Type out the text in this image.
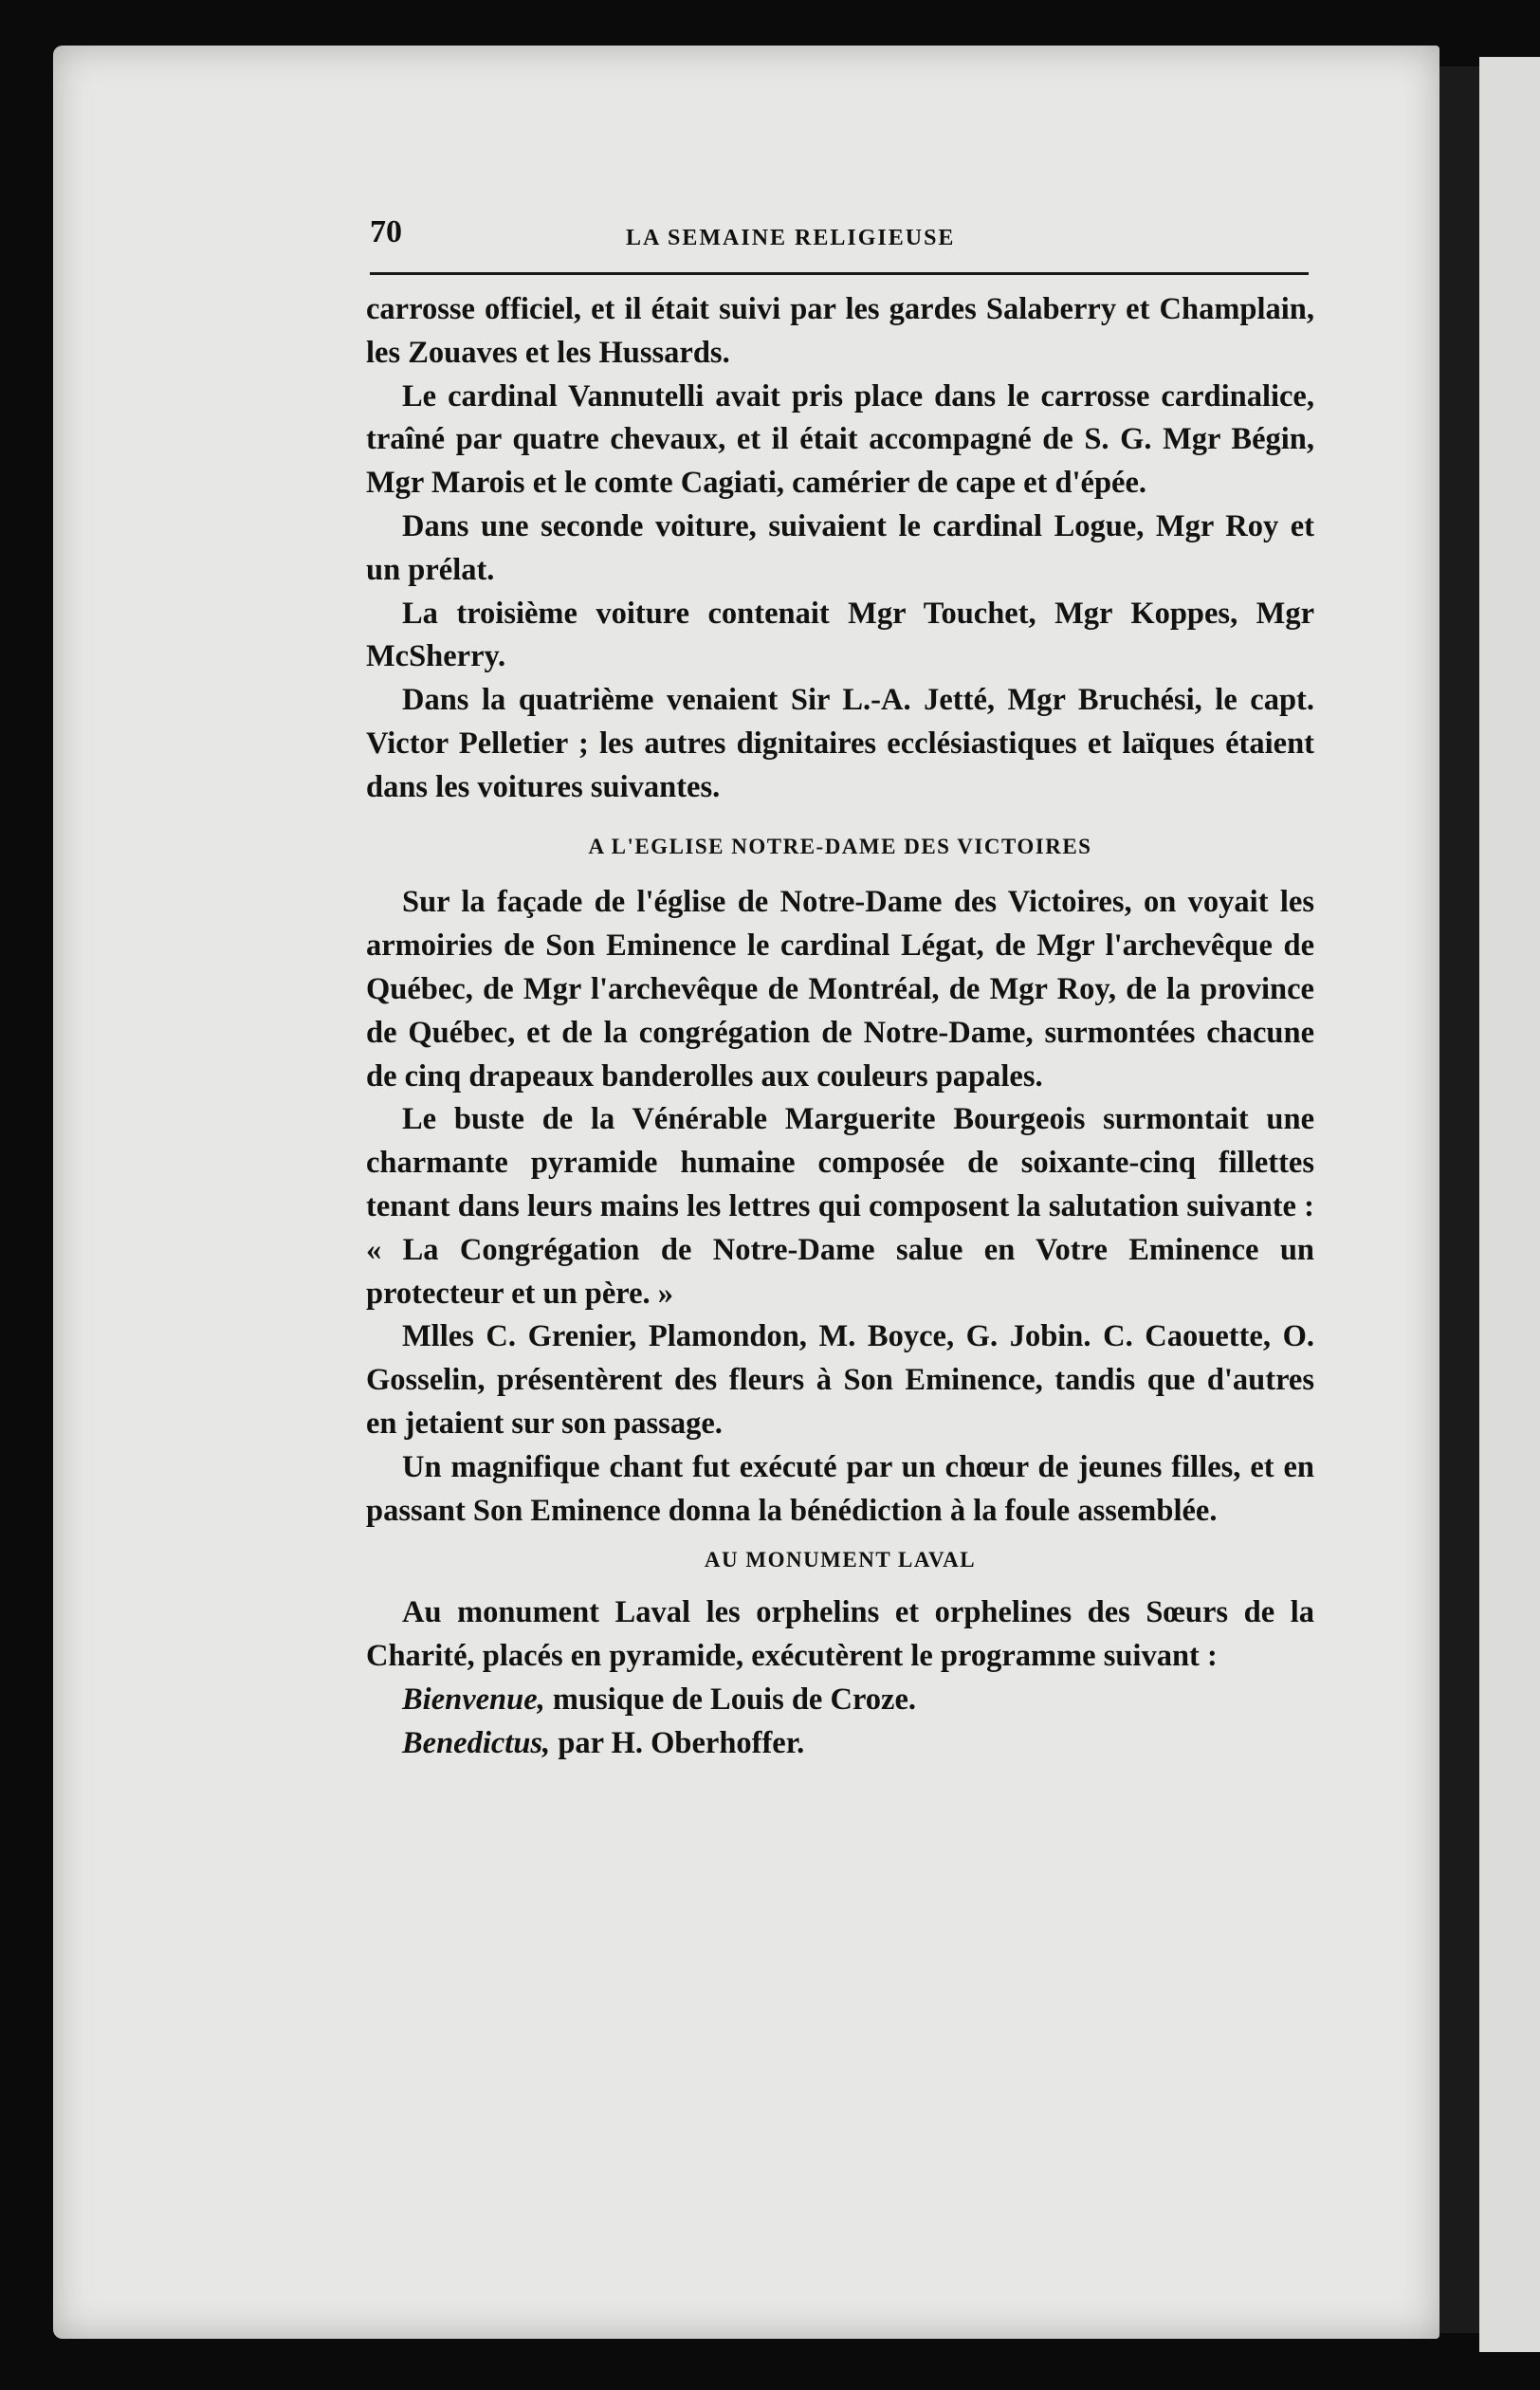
70	LA SEMAINE RELIGIEUSE

carrosse officiel, et il était suivi par les gardes Salaberry et Champlain, les Zouaves et les Hussards.

Le cardinal Vannutelli avait pris place dans le carrosse cardinalice, traîné par quatre chevaux, et il était accompagné de S. G. Mgr Bégin, Mgr Marois et le comte Cagiati, camérier de cape et d'épée.

Dans une seconde voiture, suivaient le cardinal Logue, Mgr Roy et un prélat.

La troisième voiture contenait Mgr Touchet, Mgr Koppes, Mgr McSherry.

Dans la quatrième venaient Sir L.-A. Jetté, Mgr Bruchési, le capt. Victor Pelletier ; les autres dignitaires ecclésiastiques et laïques étaient dans les voitures suivantes.

A L'EGLISE NOTRE-DAME DES VICTOIRES

Sur la façade de l'église de Notre-Dame des Victoires, on voyait les armoiries de Son Eminence le cardinal Légat, de Mgr l'archevêque de Québec, de Mgr l'archevêque de Montréal, de Mgr Roy, de la province de Québec, et de la congrégation de Notre-Dame, surmontées chacune de cinq drapeaux banderolles aux couleurs papales.

Le buste de la Vénérable Marguerite Bourgeois surmontait une charmante pyramide humaine composée de soixante-cinq fillettes tenant dans leurs mains les lettres qui composent la salutation suivante : « La Congrégation de Notre-Dame salue en Votre Eminence un protecteur et un père. »

Mlles C. Grenier, Plamondon, M. Boyce, G. Jobin. C. Caouette, O. Gosselin, présentèrent des fleurs à Son Eminence, tandis que d'autres en jetaient sur son passage.

Un magnifique chant fut exécuté par un chœur de jeunes filles, et en passant Son Eminence donna la bénédiction à la foule assemblée.

AU MONUMENT LAVAL

Au monument Laval les orphelins et orphelines des Sœurs de la Charité, placés en pyramide, exécutèrent le programme suivant :

Bienvenue, musique de Louis de Croze.

Benedictus, par H. Oberhoffer.
